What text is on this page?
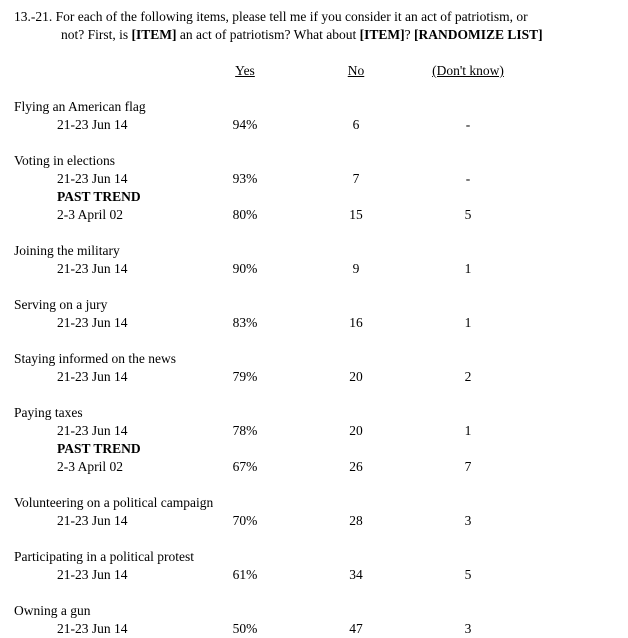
13.-21. For each of the following items, please tell me if you consider it an act of patriotism, or
not? First, is [ITEM] an act of patriotism? What about [ITEM]? [RANDOMIZE LIST]
Yes	No	(Don't know)
Flying an American flag
21-23 Jun 14	94%	6	-
Voting in elections
21-23 Jun 14	93%	7	-
PAST TREND
2-3 April 02	80%	15	5
Joining the military
21-23 Jun 14	90%	9	1
Serving on a jury
21-23 Jun 14	83%	16	1
Staying informed on the news
21-23 Jun 14	79%	20	2
Paying taxes
21-23 Jun 14	78%	20	1
PAST TREND
2-3 April 02	67%	26	7
Volunteering on a political campaign
21-23 Jun 14	70%	28	3
Participating in a political protest
21-23 Jun 14	61%	34	5
Owning a gun
21-23 Jun 14	50%	47	3
